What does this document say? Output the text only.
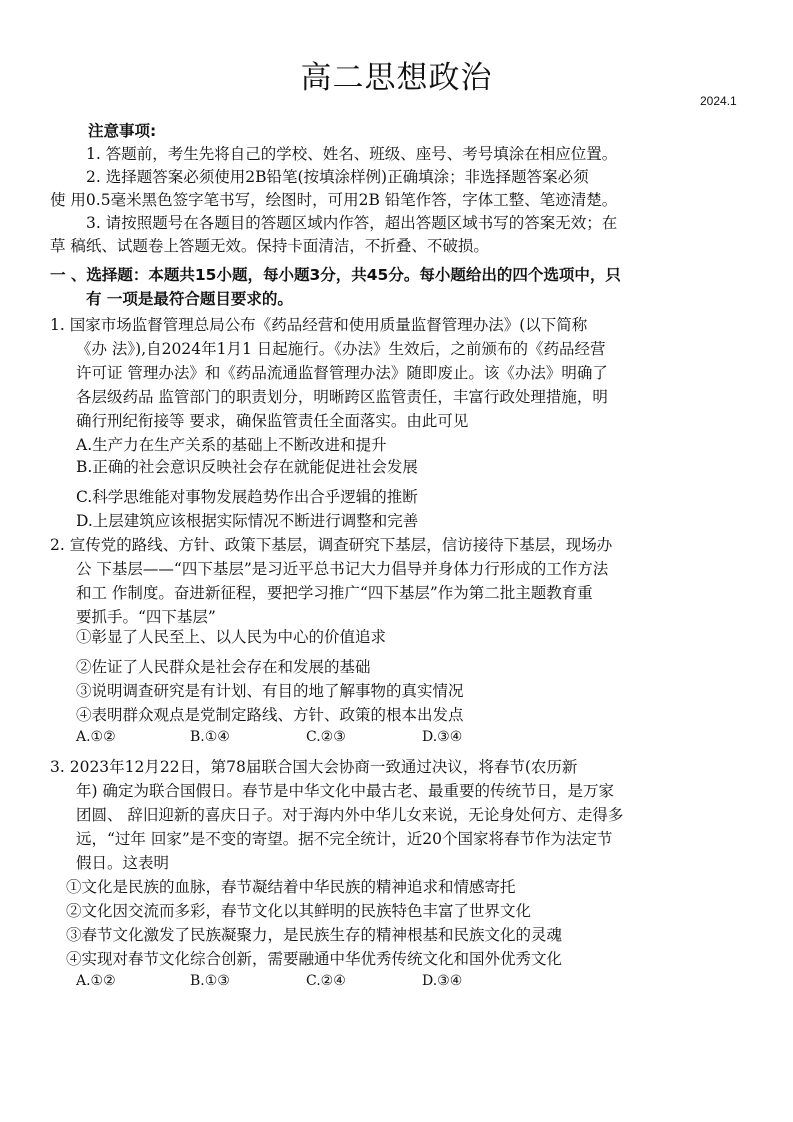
高二思想政治
2024.1
注意事项:
1. 答题前，考生先将自己的学校、姓名、班级、座号、考号填涂在相应位置。
2. 选择题答案必须使用2B铅笔(按填涂样例)正确填涂；非选择题答案必须
使 用0.5毫米黑色签字笔书写，绘图时，可用2B 铅笔作答，字体工整、笔迹清楚。
3. 请按照题号在各题目的答题区域内作答，超出答题区域书写的答案无效；在
草 稿纸、试题卷上答题无效。保持卡面清洁，不折叠、不破损。
一 、选择题：本题共15小题，每小题3分，共45分。每小题给出的四个选项中，只
有 一项是最符合题目要求的。
1. 国家市场监督管理总局公布《药品经营和使用质量监督管理办法》(以下简称
《办 法》),自2024年1月1 日起施行。《办法》生效后，之前颁布的《药品经营
许可证 管理办法》和《药品流通监督管理办法》随即废止。该《办法》明确了
各层级药品 监管部门的职责划分，明晰跨区监管责任，丰富行政处理措施，明
确行刑纪衔接等 要求，确保监管责任全面落实。由此可见
A.生产力在生产关系的基础上不断改进和提升
B.正确的社会意识反映社会存在就能促进社会发展
C.科学思维能对事物发展趋势作出合乎逻辑的推断
D.上层建筑应该根据实际情况不断进行调整和完善
2. 宣传党的路线、方针、政策下基层，调查研究下基层，信访接待下基层，现场办
公 下基层——“四下基层”是习近平总书记大力倡导并身体力行形成的工作方法
和工 作制度。奋进新征程，要把学习推广“四下基层”作为第二批主题教育重
要抓手。“四下基层”
①彰显了人民至上、以人民为中心的价值追求
②佐证了人民群众是社会存在和发展的基础
③说明调查研究是有计划、有目的地了解事物的真实情况
④表明群众观点是党制定路线、方针、政策的根本出发点
A.①②	B.①④	C.②③	D.③④
3. 2023年12月22日，第78届联合国大会协商一致通过决议，将春节(农历新
年) 确定为联合国假日。春节是中华文化中最古老、最重要的传统节日，是万家
团圆、 辞旧迎新的喜庆日子。对于海内外中华儿女来说，无论身处何方、走得多
远，“过年 回家”是不变的寄望。据不完全统计，近20个国家将春节作为法定节
假日。这表明
①文化是民族的血脉，春节凝结着中华民族的精神追求和情感寄托
②文化因交流而多彩，春节文化以其鲜明的民族特色丰富了世界文化
③春节文化激发了民族凝聚力，是民族生存的精神根基和民族文化的灵魂
④实现对春节文化综合创新，需要融通中华优秀传统文化和国外优秀文化
A.①②	B.①③	C.②④	D.③④
